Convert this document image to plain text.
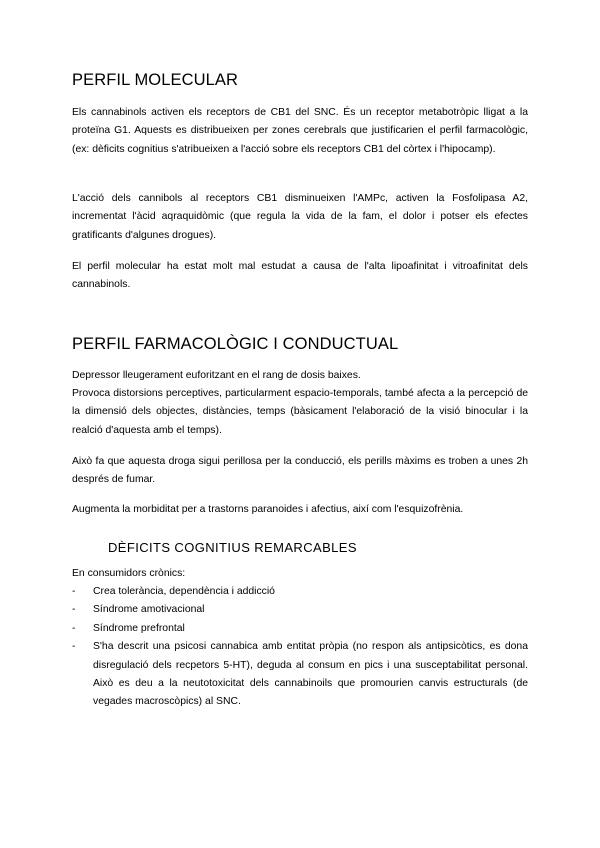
PERFIL MOLECULAR

Els cannabinols activen els receptors de CB1 del SNC. És un receptor metabotròpic lligat a la proteïna G1. Aquests es distribueixen per zones cerebrals que justificarien el perfil farmacològic, (ex: dèficits cognitius s'atribueixen a l'acció sobre els receptors CB1 del còrtex i l'hipocamp).

L'acció dels cannibols al receptors CB1 disminueixen l'AMPc, activen la Fosfolipasa A2, incrementat l'àcid aqraquidòmic (que regula la vida de la fam, el dolor i potser els efectes gratificants d'algunes drogues).

El perfil molecular ha estat molt mal estudat a causa de l'alta lipoafinitat i vitroafinitat dels cannabinols.

PERFIL FARMACOLÒGIC I CONDUCTUAL

Depressor lleugerament euforitzant en el rang de dosis baixes.

Provoca distorsions perceptives, particularment espacio-temporals, també afecta a la percepció de la dimensió dels objectes, distàncies, temps (bàsicament l'elaboració de la visió binocular i la realció d'aquesta amb el temps).

Això fa que aquesta droga sigui perillosa per la conducció, els perills màxims es troben a unes 2h després de fumar.

Augmenta la morbiditat per a trastorns paranoides i afectius, així com l'esquizofrènia.

DÈFICITS COGNITIUS REMARCABLES

En consumidors crònics:

- Crea tolerància, dependència i addicció
- Síndrome amotivacional
- Síndrome prefrontal
- S'ha descrit una psicosi cannabica amb entitat pròpia (no respon als antipsicòtics, es dona disregulació dels recpetors 5-HT), deguda al consum en pics i una susceptabilitat personal. Això es deu a la neutotoxicitat dels cannabinoils que promourien canvis estructurals (de vegades macroscòpics) al SNC.
